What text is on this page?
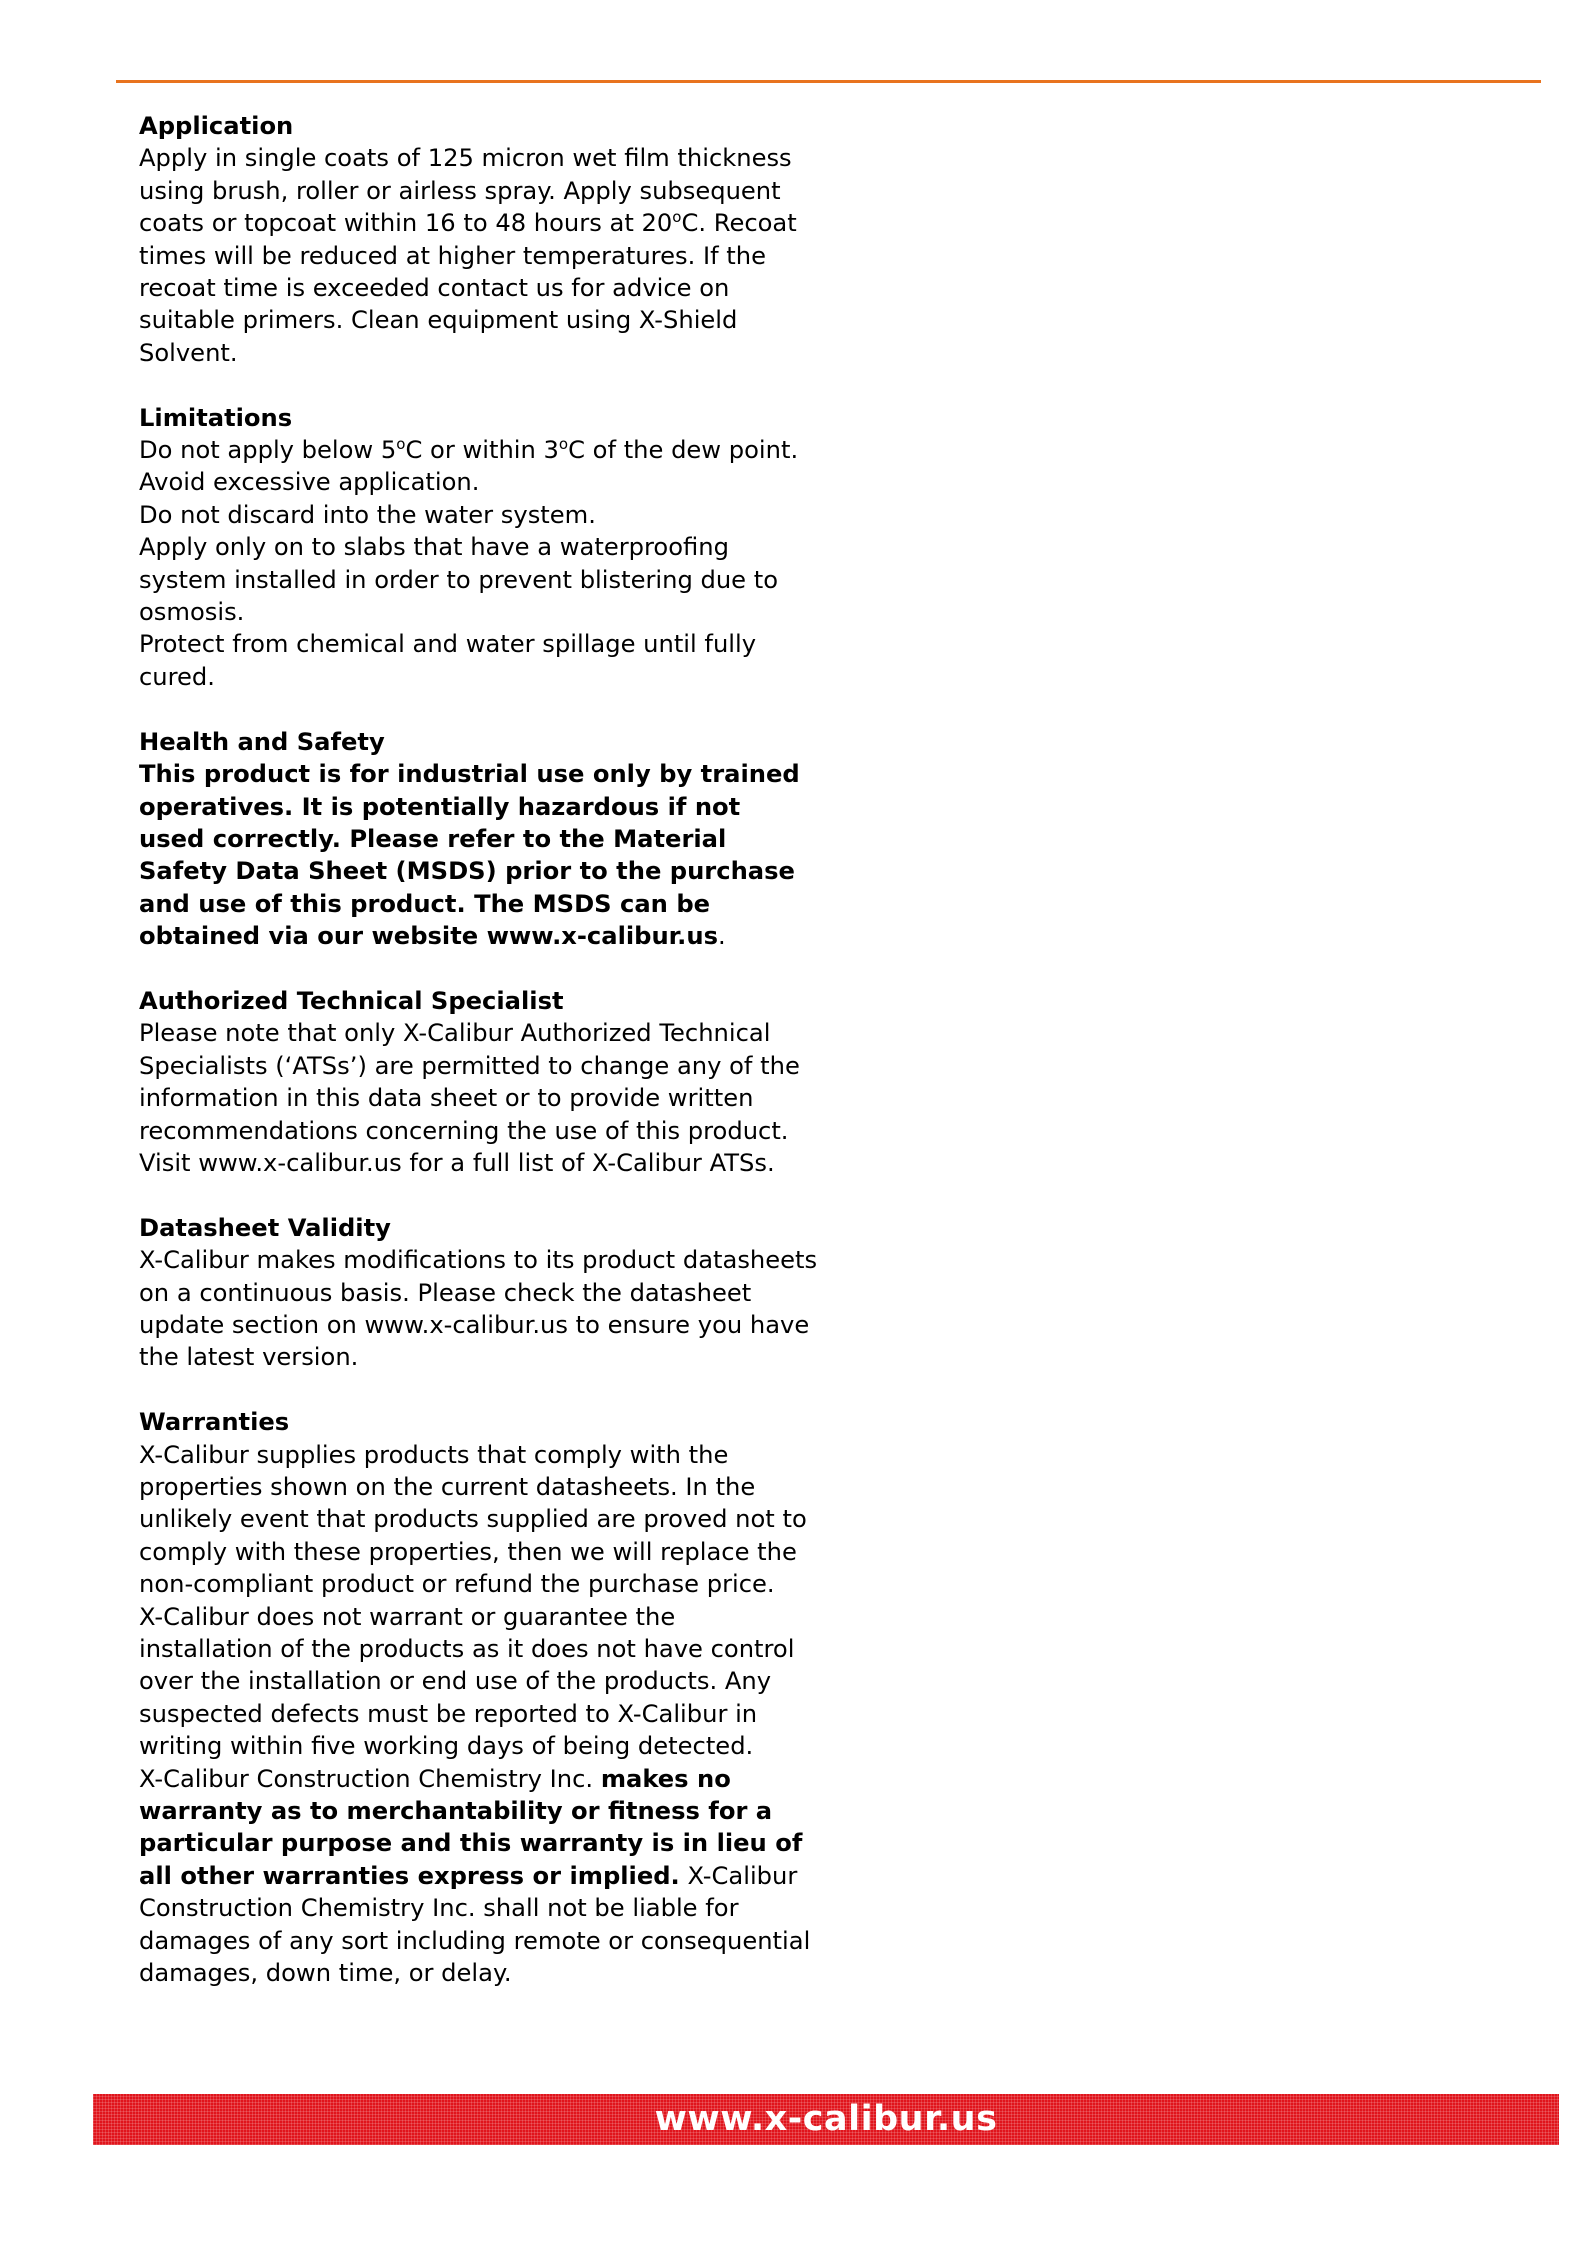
Application
Apply in single coats of 125 micron wet film thickness
using brush, roller or airless spray. Apply subsequent
coats or topcoat within 16 to 48 hours at 20$^o$C. Recoat
times will be reduced at higher temperatures. If the
recoat time is exceeded contact us for advice on
suitable primers. Clean equipment using X-Shield
Solvent.
Limitations
Do not apply below 5$^o$C or within 3$^o$C of the dew point.
Avoid excessive application.
Do not discard into the water system.
Apply only on to slabs that have a waterproofing
system installed in order to prevent blistering due to
osmosis.
Protect from chemical and water spillage until fully
cured.
Health and Safety
This product is for industrial use only by trained
operatives. It is potentially hazardous if not
used correctly. Please refer to the Material
Safety Data Sheet (MSDS) prior to the purchase
and use of this product. The MSDS can be
obtained via our website www.x-calibur.us.
Authorized Technical Specialist
Please note that only X-Calibur Authorized Technical
Specialists (‘ATSs’) are permitted to change any of the
information in this data sheet or to provide written
recommendations concerning the use of this product.
Visit www.x-calibur.us for a full list of X-Calibur ATSs.
Datasheet Validity
X-Calibur makes modifications to its product datasheets
on a continuous basis. Please check the datasheet
update section on www.x-calibur.us to ensure you have
the latest version.
Warranties
X-Calibur supplies products that comply with the
properties shown on the current datasheets. In the
unlikely event that products supplied are proved not to
comply with these properties, then we will replace the
non-compliant product or refund the purchase price.
X-Calibur does not warrant or guarantee the
installation of the products as it does not have control
over the installation or end use of the products. Any
suspected defects must be reported to X-Calibur in
writing within five working days of being detected.
X-Calibur Construction Chemistry Inc. makes no
warranty as to merchantability or fitness for a
particular purpose and this warranty is in lieu of
all other warranties express or implied. X-Calibur
Construction Chemistry Inc. shall not be liable for
damages of any sort including remote or consequential
damages, down time, or delay.
www.x-calibur.us
